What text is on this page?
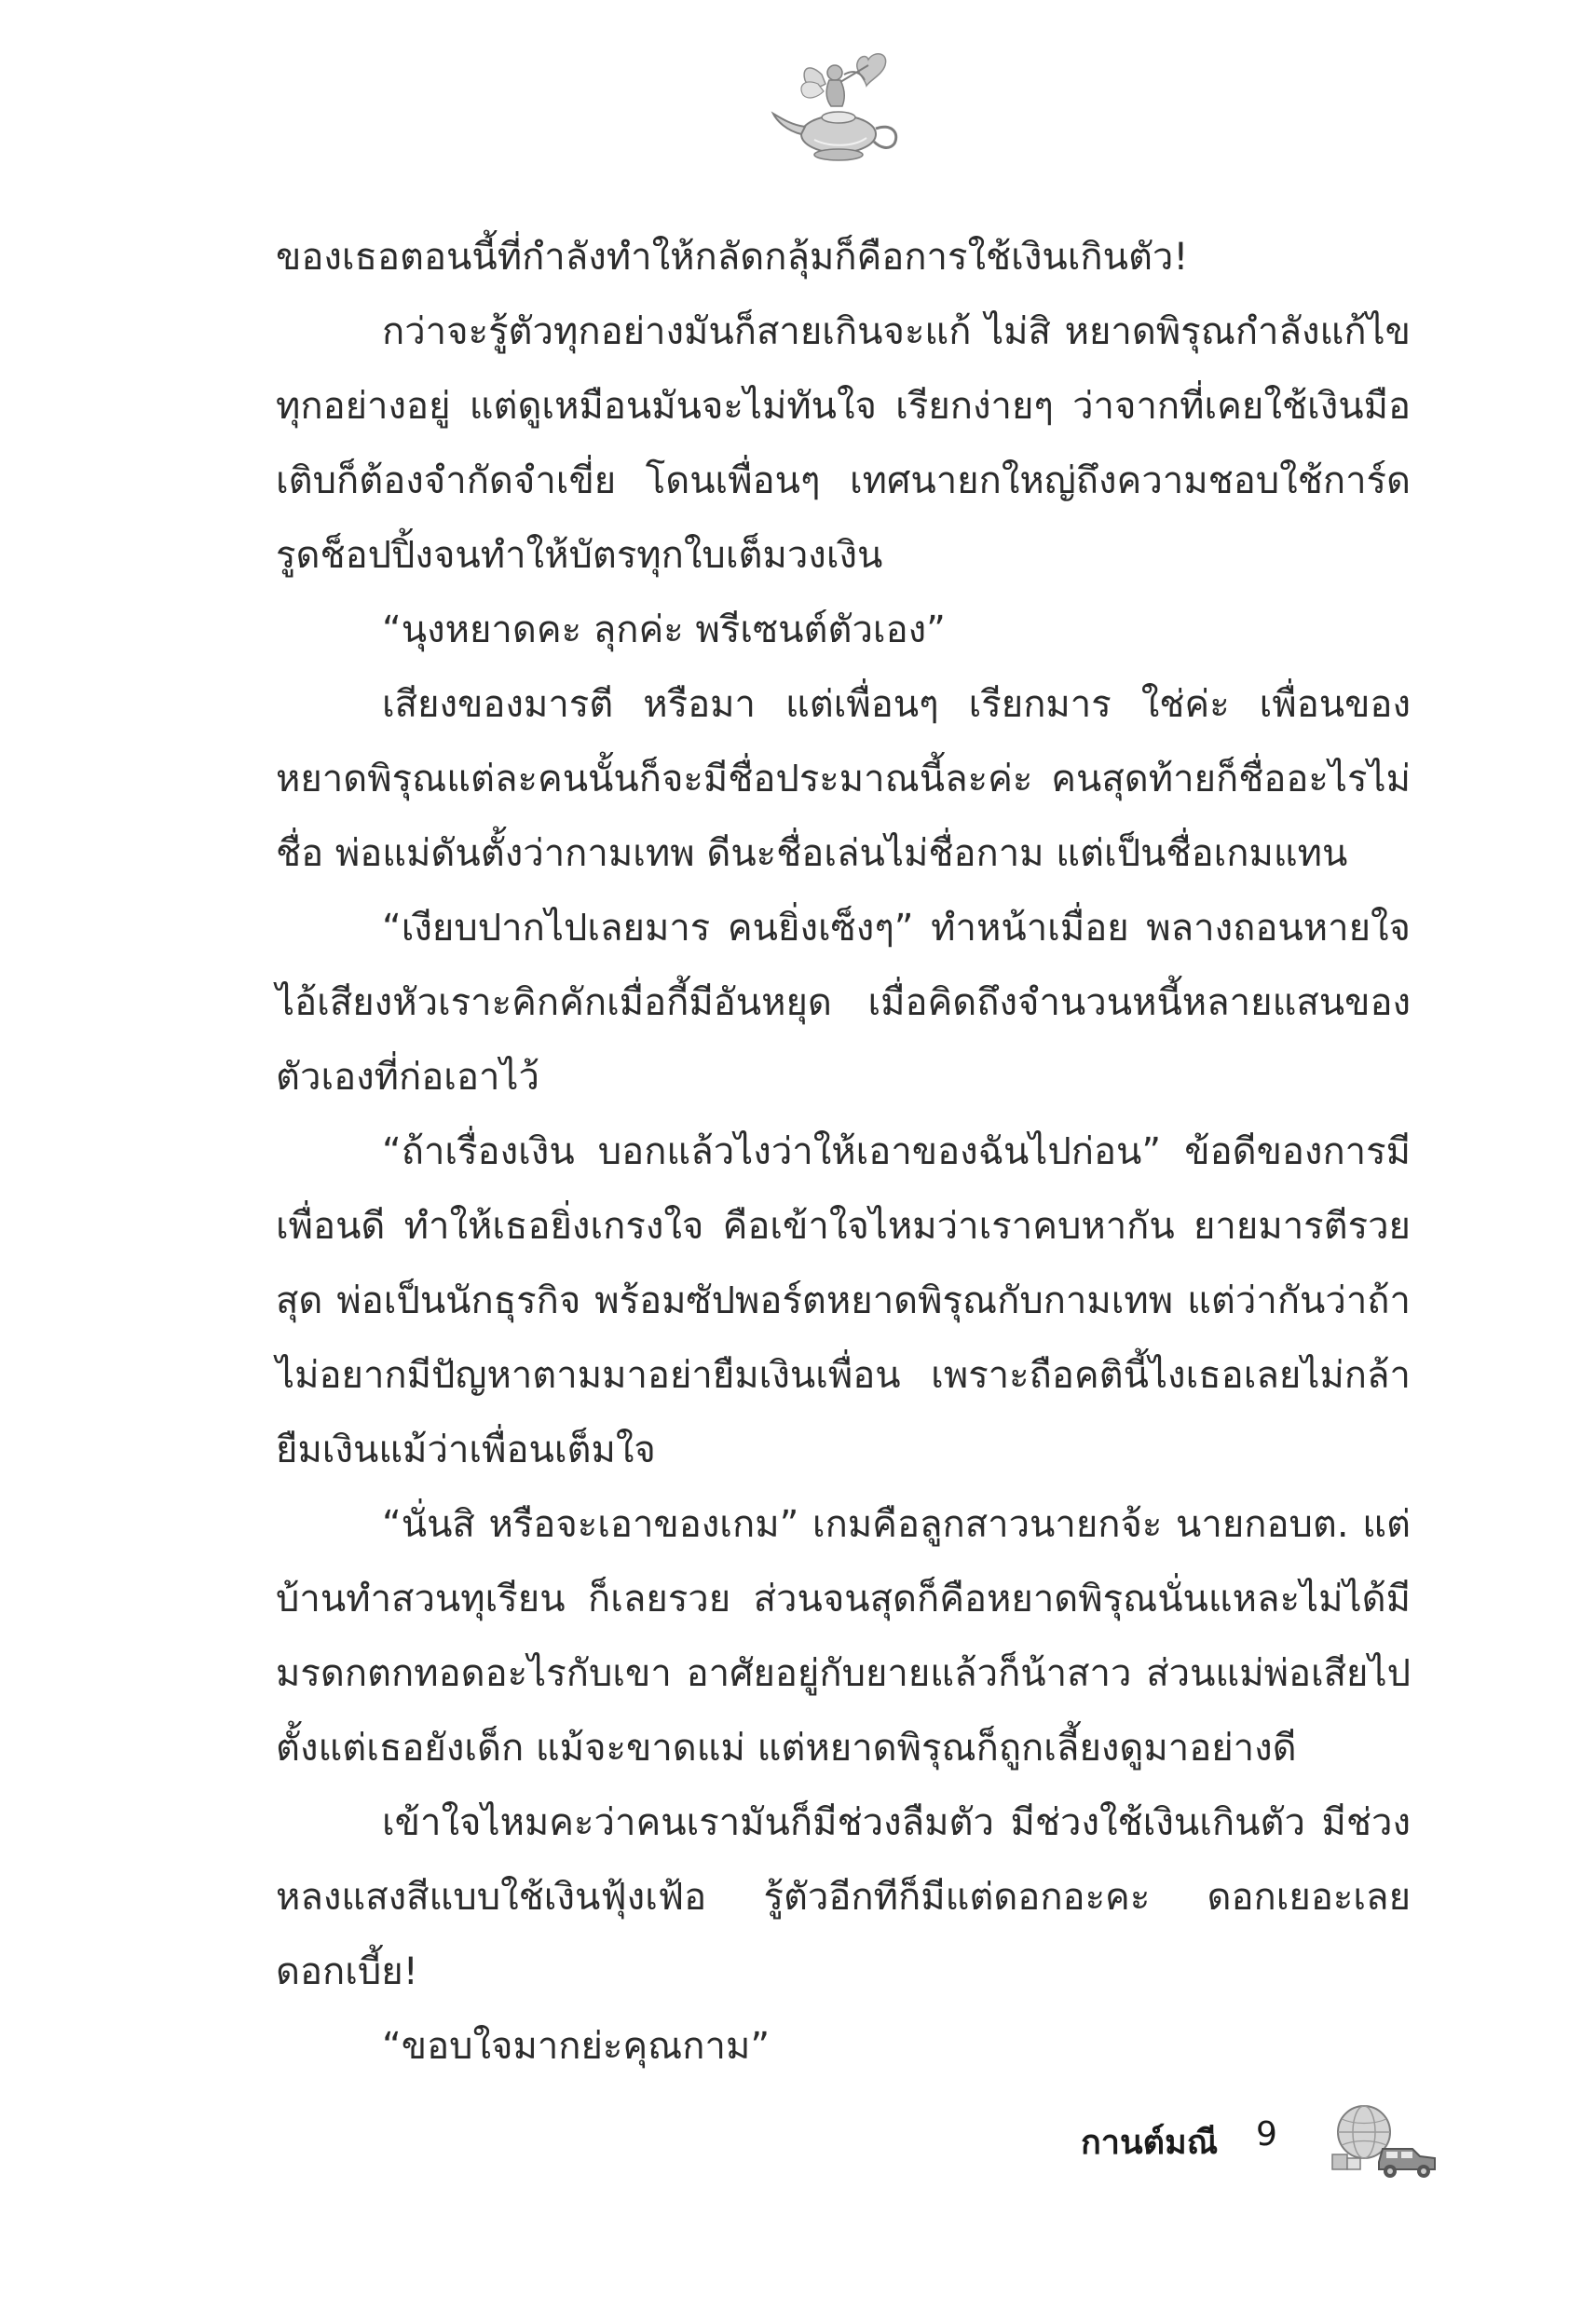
ของเธอตอนนี้ที่กำลังทำให้กลัดกลุ้มก็คือการใช้เงินเกินตัว!

กว่าจะรู้ตัวทุกอย่างมันก็สายเกินจะแก้ ไม่สิ หยาดพิรุณกำลังแก้ไขทุกอย่างอยู่ แต่ดูเหมือนมันจะไม่ทันใจ เรียกง่ายๆ ว่าจากที่เคยใช้เงินมือเติบก็ต้องจำกัดจำเขี่ย โดนเพื่อนๆ เทศนายกใหญ่ถึงความชอบใช้การ์ดรูดช็อปปิ้งจนทำให้บัตรทุกใบเต็มวงเงิน

“นุงหยาดคะ ลุกค่ะ พรีเซนต์ตัวเอง”

เสียงของมารตี หรือมา แต่เพื่อนๆ เรียกมาร ใช่ค่ะ เพื่อนของหยาดพิรุณแต่ละคนนั้นก็จะมีชื่อประมาณนี้ละค่ะ คนสุดท้ายก็ชื่ออะไรไม่ชื่อ พ่อแม่ดันตั้งว่ากามเทพ ดีนะชื่อเล่นไม่ชื่อกาม แต่เป็นชื่อเกมแทน

“เงียบปากไปเลยมาร คนยิ่งเซ็งๆ” ทำหน้าเมื่อย พลางถอนหายใจไอ้เสียงหัวเราะคิกคักเมื่อกี้มีอันหยุด เมื่อคิดถึงจำนวนหนี้หลายแสนของตัวเองที่ก่อเอาไว้

“ถ้าเรื่องเงิน บอกแล้วไงว่าให้เอาของฉันไปก่อน” ข้อดีของการมีเพื่อนดี ทำให้เธอยิ่งเกรงใจ คือเข้าใจไหมว่าเราคบหากัน ยายมารตีรวยสุด พ่อเป็นนักธุรกิจ พร้อมซัปพอร์ตหยาดพิรุณกับกามเทพ แต่ว่ากันว่าถ้าไม่อยากมีปัญหาตามมาอย่ายืมเงินเพื่อน เพราะถือคตินี้ไงเธอเลยไม่กล้ายืมเงินแม้ว่าเพื่อนเต็มใจ

“นั่นสิ หรือจะเอาของเกม” เกมคือลูกสาวนายกจ้ะ นายกอบต. แต่บ้านทำสวนทุเรียน ก็เลยรวย ส่วนจนสุดก็คือหยาดพิรุณนั่นแหละไม่ได้มีมรดกตกทอดอะไรกับเขา อาศัยอยู่กับยายแล้วก็น้าสาว ส่วนแม่พ่อเสียไปตั้งแต่เธอยังเด็ก แม้จะขาดแม่ แต่หยาดพิรุณก็ถูกเลี้ยงดูมาอย่างดี

เข้าใจไหมคะว่าคนเรามันก็มีช่วงลืมตัว มีช่วงใช้เงินเกินตัว มีช่วงหลงแสงสีแบบใช้เงินฟุ้งเฟ้อ รู้ตัวอีกทีก็มีแต่ดอกอะคะ ดอกเยอะเลยดอกเบี้ย!

“ขอบใจมากย่ะคุณกาม”

กานต์มณี 9
